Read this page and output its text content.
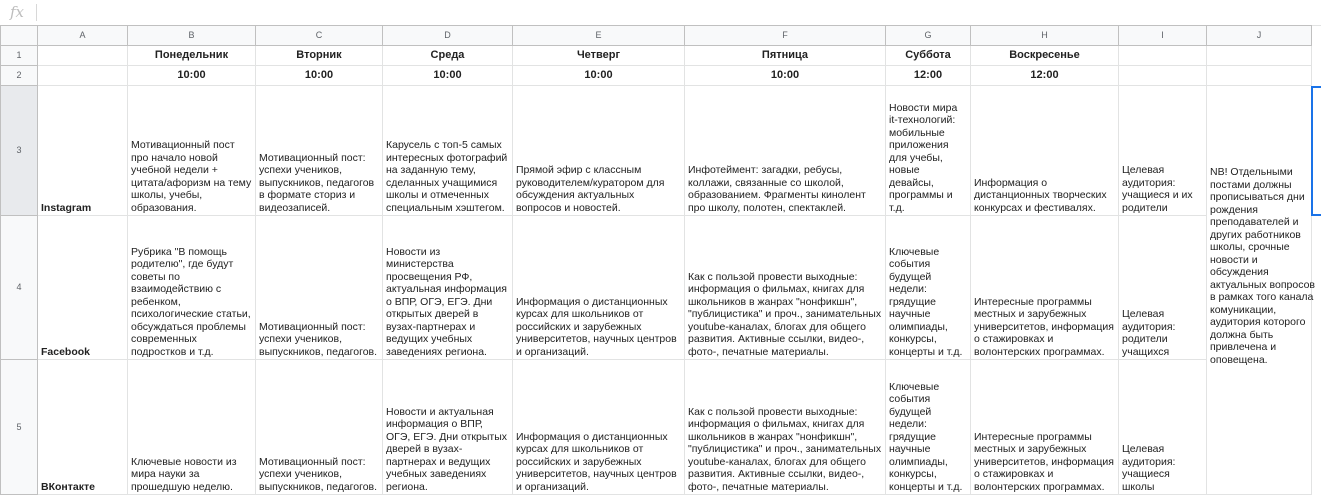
fx
	A	B	C	D	E	F	G	H	I	J
1		Понедельник	Вторник	Среда	Четверг	Пятница	Суббота	Воскресенье		
2		10:00	10:00	10:00	10:00	10:00	12:00	12:00		
3	Instagram	Мотивационный пост про начало новой учебной недели + цитата/афоризм на тему школы, учебы, образования.	Мотивационный пост: успехи учеников, выпускников, педагогов в формате сториз и видеозаписей.	Карусель с топ-5 самых интересных фотографий на заданную тему, сделанных учащимися школы и отмеченных специальным хэштегом.	Прямой эфир с классным руководителем/куратором для обсуждения актуальных вопросов и новостей.	Инфотеймент: загадки, ребусы, коллажи, связанные со школой, образованием. Фрагменты кинолент про школу, полотен, спектаклей.	Новости мира it-технологий: мобильные приложения для учебы, новые девайсы, программы и т.д.	Информация о дистанционных творческих конкурсах и фестивалях.	Целевая аудитория: учащиеся и их родители	NB! Отдельными постами должны прописываться дни рождения преподавателей и других работников школы, срочные новости и обсуждения актуальных вопросов в рамках того канала комуникации, аудитория которого должна быть привлечена и оповещена.

4	Facebook	Рубрика "В помощь родителю", где будут советы по взаимодействию с ребенком, психологические статьи, обсуждаться проблемы современных подростков и т.д.	Мотивационный пост: успехи учеников, выпускников, педагогов.	Новости из министерства просвещения РФ, актуальная информация о ВПР, ОГЭ, ЕГЭ. Дни открытых дверей в вузах-партнерах и ведущих учебных заведениях региона.	Информация о дистанционных курсах для школьников от российских и зарубежных университетов, научных центров и организаций.	Как с пользой провести выходные: информация о фильмах, книгах для школьников в жанрах "нонфикшн", "публицистика" и проч., занимательных youtube-каналах, блогах для общего развития. Активные ссылки, видео-, фото-, печатные материалы.	Ключевые события будущей недели: грядущие научные олимпиады, конкурсы, концерты и т.д.	Интересные программы местных и зарубежных университетов, информация о стажировках и волонтерских программах.	Целевая аудитория: родители учащихся	
5	ВКонтакте	Ключевые новости из мира науки за прошедшую неделю.	Мотивационный пост: успехи учеников, выпускников, педагогов.	Новости и актуальная информация о ВПР, ОГЭ, ЕГЭ. Дни открытых дверей в вузах-партнерах и ведущих учебных заведениях региона.	Информация о дистанционных курсах для школьников от российских и зарубежных университетов, научных центров и организаций.	Как с пользой провести выходные: информация о фильмах, книгах для школьников в жанрах "нонфикшн", "публицистика" и проч., занимательных youtube-каналах, блогах для общего развития. Активные ссылки, видео-, фото-, печатные материалы.	Ключевые события будущей недели: грядущие научные олимпиады, конкурсы, концерты и т.д.	Интересные программы местных и зарубежных университетов, информация о стажировках и волонтерских программах.	Целевая аудитория: учащиеся школы	
